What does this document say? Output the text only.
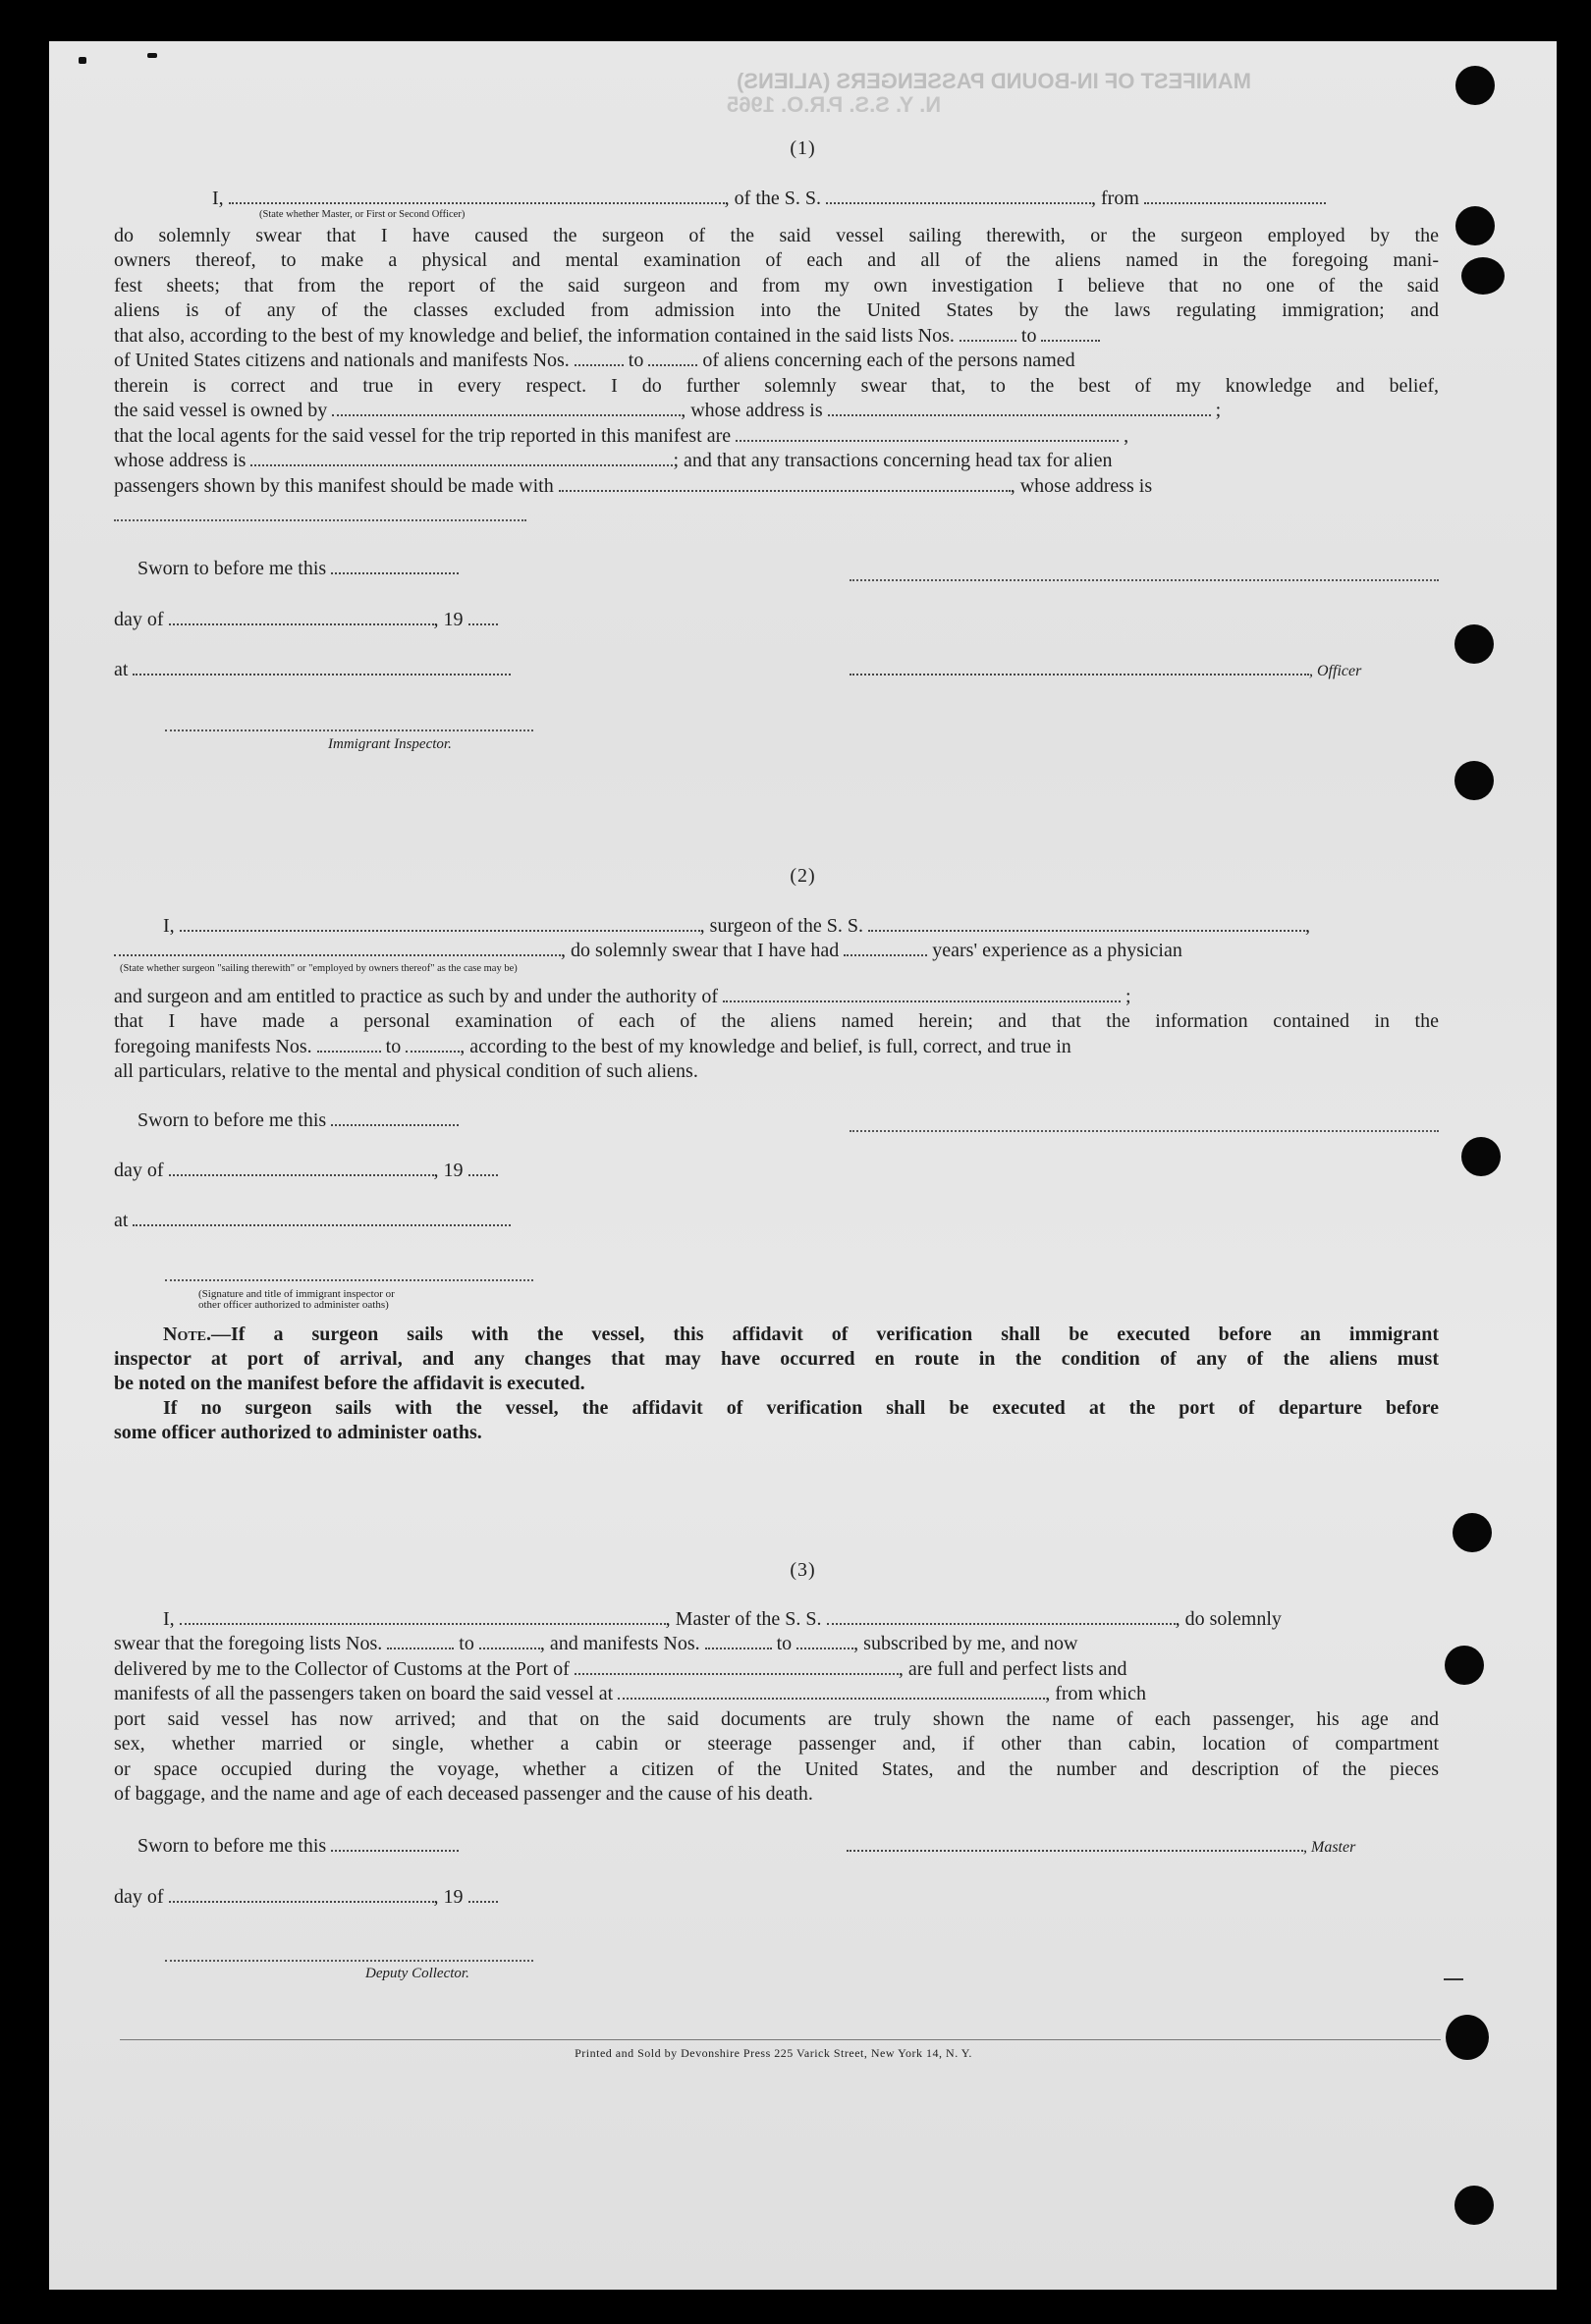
MANIFEST OF IN-BOUND PASSENGERS (ALIENS)
N. Y. S.S. P.R.O. 1965
(1)
I,	, of the S. S.	, from
(State whether Master, or First or Second Officer)
do solemnly swear that I have caused the surgeon of the said vessel sailing therewith, or the surgeon employed by the
owners thereof, to make a physical and mental examination of each and all of the aliens named in the foregoing mani-
fest sheets; that from the report of the said surgeon and from my own investigation I believe that no one of the said
aliens is of any of the classes excluded from admission into the United States by the laws regulating immigration; and
that also, according to the best of my knowledge and belief, the information contained in the said lists Nos.	to
of United States citizens and nationals and manifests Nos.	to	of aliens concerning each of the persons named
therein is correct and true in every respect. I do further solemnly swear that, to the best of my knowledge and belief,
the said vessel is owned by	, whose address is	;
that the local agents for the said vessel for the trip reported in this manifest are	,
whose address is	; and that any transactions concerning head tax for alien
passengers shown by this manifest should be made with	, whose address is
Sworn to before me this
day of	, 19
at	, Officer
Immigrant Inspector.
(2)
I,	, surgeon of the S. S.	,
, do solemnly swear that I have had	years' experience as a physician
(State whether surgeon "sailing therewith" or "employed by owners thereof" as the case may be)
and surgeon and am entitled to practice as such by and under the authority of	;
that I have made a personal examination of each of the aliens named herein; and that the information contained in the
foregoing manifests Nos.	to	, according to the best of my knowledge and belief, is full, correct, and true in
all particulars, relative to the mental and physical condition of such aliens.
Sworn to before me this
day of	, 19
at
(Signature and title of immigrant inspector or
other officer authorized to administer oaths)
Note.—If a surgeon sails with the vessel, this affidavit of verification shall be executed before an immigrant
inspector at port of arrival, and any changes that may have occurred en route in the condition of any of the aliens must
be noted on the manifest before the affidavit is executed.
If no surgeon sails with the vessel, the affidavit of verification shall be executed at the port of departure before
some officer authorized to administer oaths.
(3)
I,	, Master of the S. S.	, do solemnly
swear that the foregoing lists Nos.	to	, and manifests Nos.	to	, subscribed by me, and now
delivered by me to the Collector of Customs at the Port of	, are full and perfect lists and
manifests of all the passengers taken on board the said vessel at	, from which
port said vessel has now arrived; and that on the said documents are truly shown the name of each passenger, his age and
sex, whether married or single, whether a cabin or steerage passenger and, if other than cabin, location of compartment
or space occupied during the voyage, whether a citizen of the United States, and the number and description of the pieces
of baggage, and the name and age of each deceased passenger and the cause of his death.
Sworn to before me this	, Master
day of	, 19
Deputy Collector.
Printed and Sold by Devonshire Press 225 Varick Street, New York 14, N. Y.
